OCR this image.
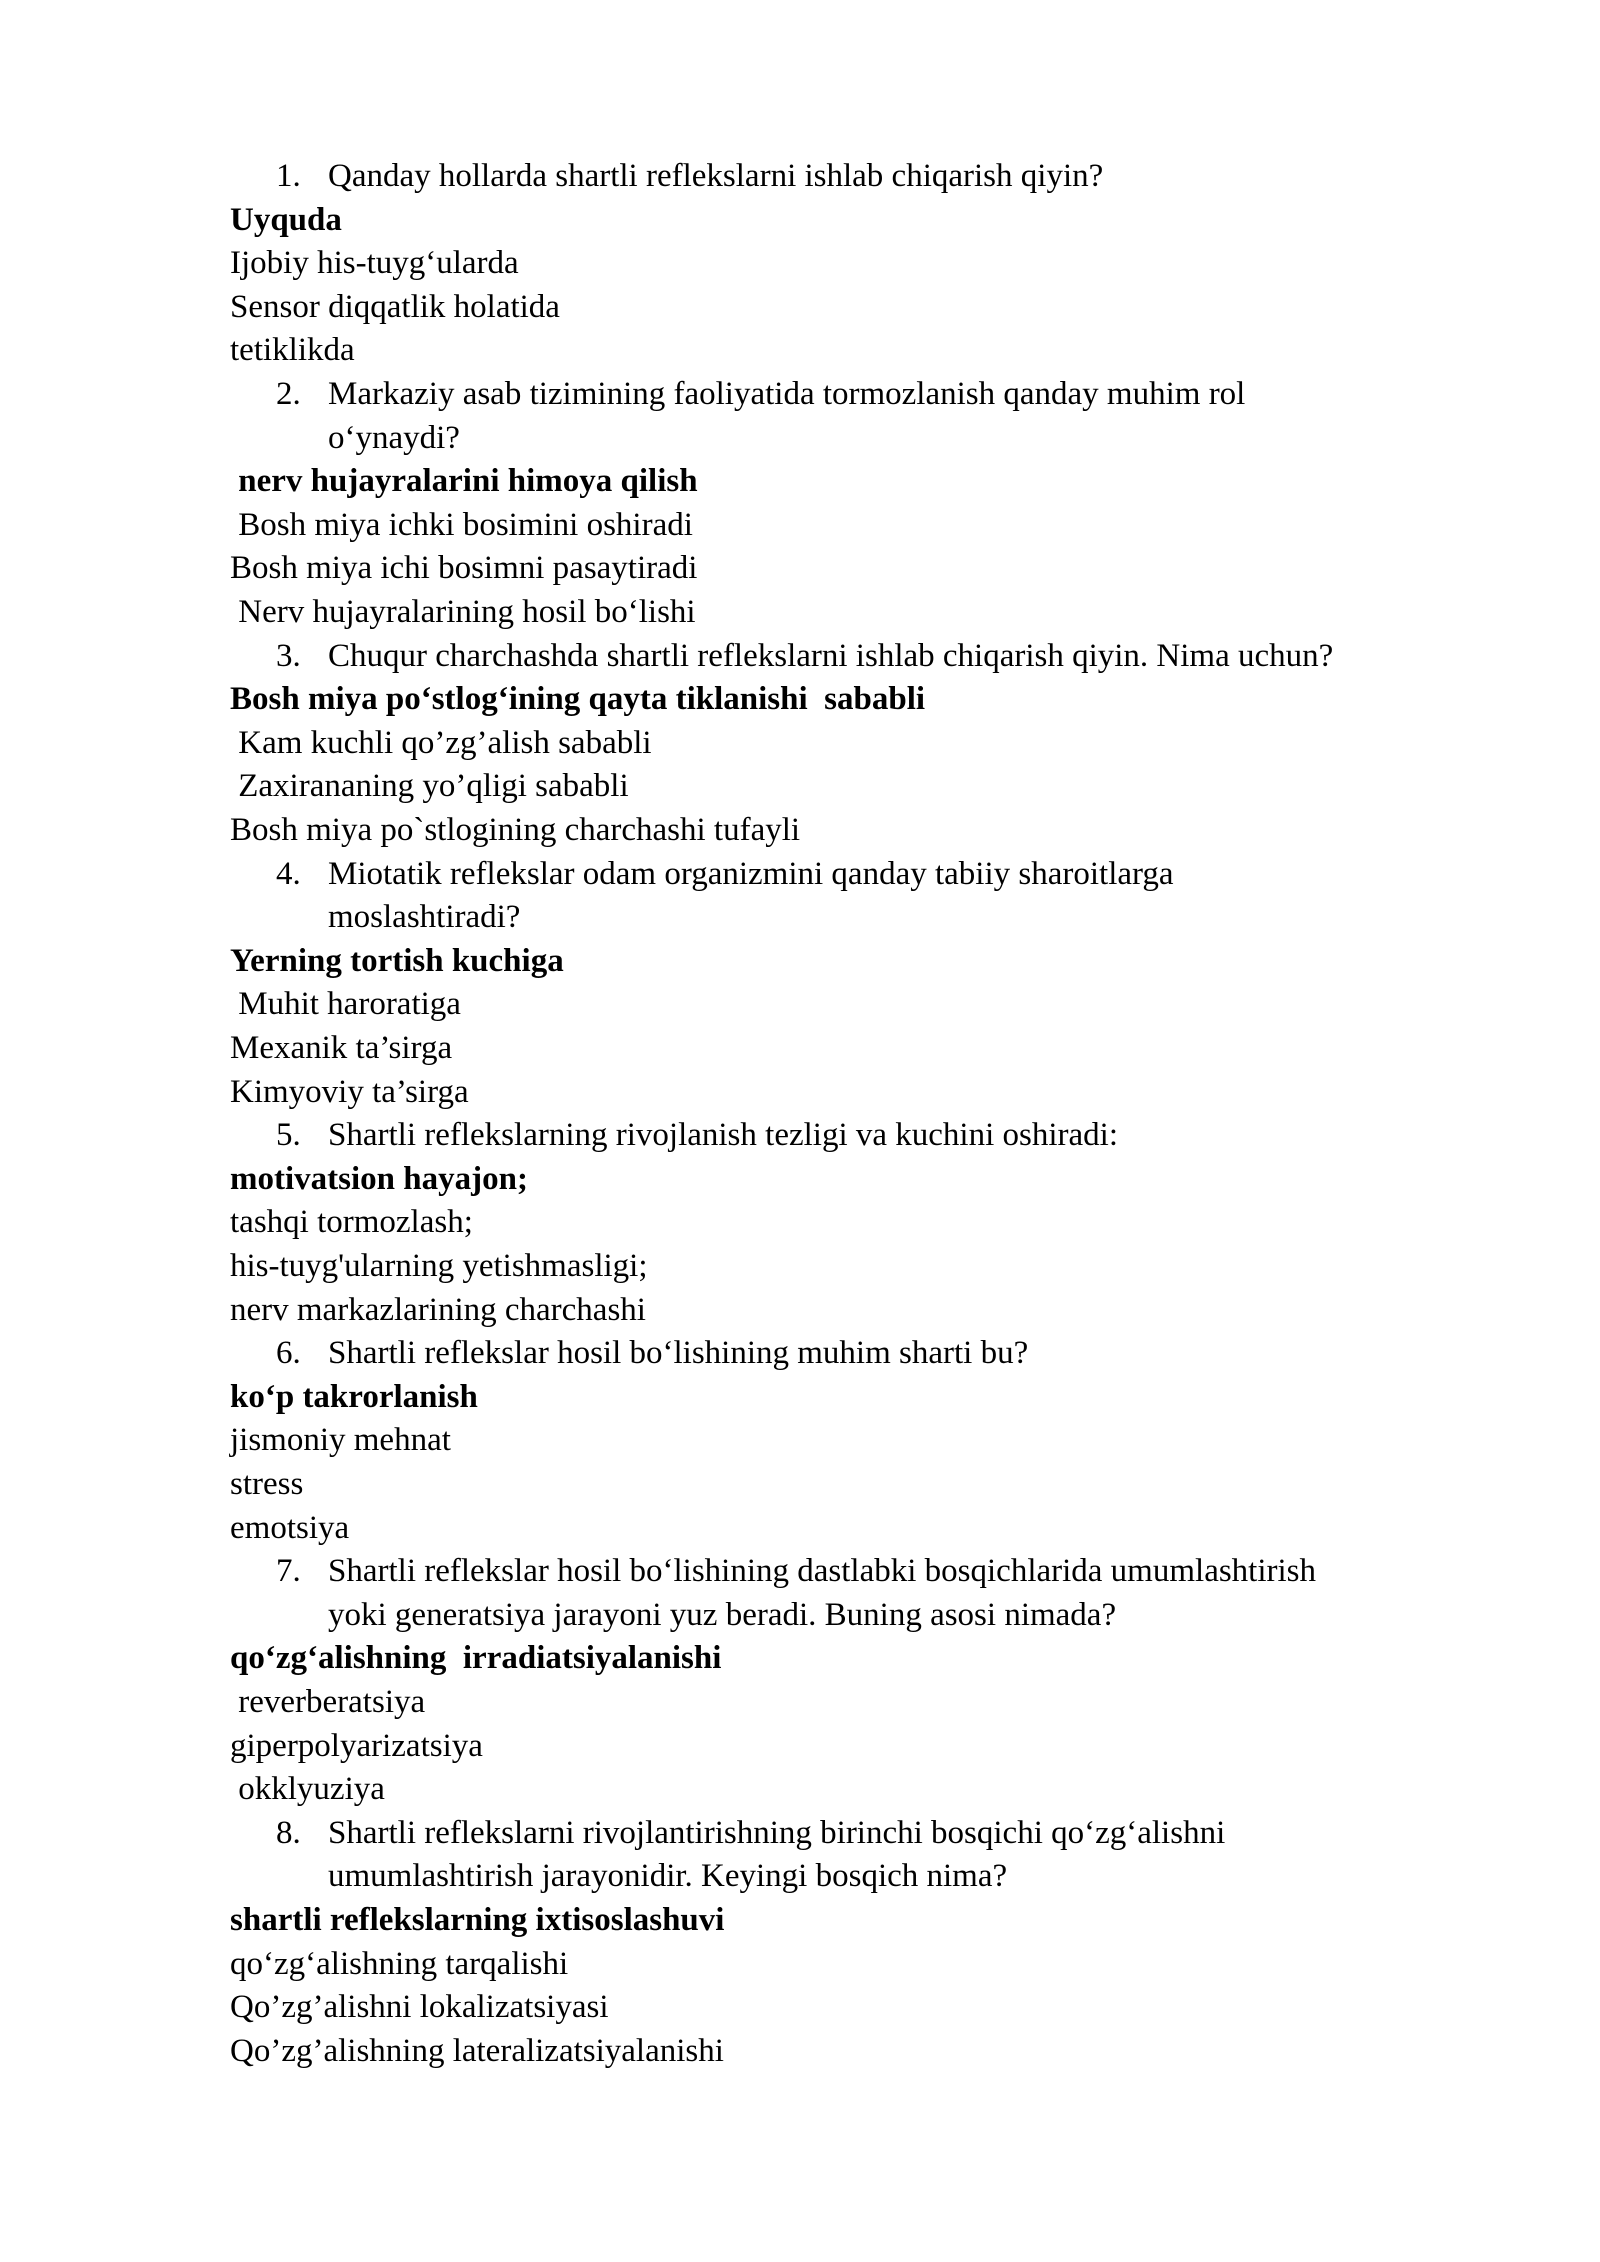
1. Qanday hollarda shartli reflekslarni ishlab chiqarish qiyin?
Uyquda
Ijobiy his-tuyg‘ularda
Sensor diqqatlik holatida
tetiklikda
2. Markaziy asab tizimining faoliyatida tormozlanish qanday muhim rol
o‘ynaydi?
nerv hujayralarini himoya qilish
Bosh miya ichki bosimini oshiradi
Bosh miya ichi bosimni pasaytiradi
Nerv hujayralarining hosil bo‘lishi
3. Chuqur charchashda shartli reflekslarni ishlab chiqarish qiyin. Nima uchun?
Bosh miya po‘stlog‘ining qayta tiklanishi  sababli
Kam kuchli qo’zg’alish sababli
Zaxirananing yo’qligi sababli
Bosh miya po`stlogining charchashi tufayli
4. Miotatik reflekslar odam organizmini qanday tabiiy sharoitlarga
moslashtiradi?
Yerning tortish kuchiga
Muhit haroratiga
Mexanik ta’sirga
Kimyoviy ta’sirga
5. Shartli reflekslarning rivojlanish tezligi va kuchini oshiradi:
motivatsion hayajon;
tashqi tormozlash;
his-tuyg'ularning yetishmasligi;
nerv markazlarining charchashi
6. Shartli reflekslar hosil bo‘lishining muhim sharti bu?
ko‘p takrorlanish
jismoniy mehnat
stress
emotsiya
7. Shartli reflekslar hosil bo‘lishining dastlabki bosqichlarida umumlashtirish
yoki generatsiya jarayoni yuz beradi. Buning asosi nimada?
qo‘zg‘alishning  irradiatsiyalanishi
reverberatsiya
giperpolyarizatsiya
okklyuziya
8. Shartli reflekslarni rivojlantirishning birinchi bosqichi qo‘zg‘alishni
umumlashtirish jarayonidir. Keyingi bosqich nima?
shartli reflekslarning ixtisoslashuvi
qo‘zg‘alishning tarqalishi
Qo’zg’alishni lokalizatsiyasi
Qo’zg’alishning lateralizatsiyalanishi
